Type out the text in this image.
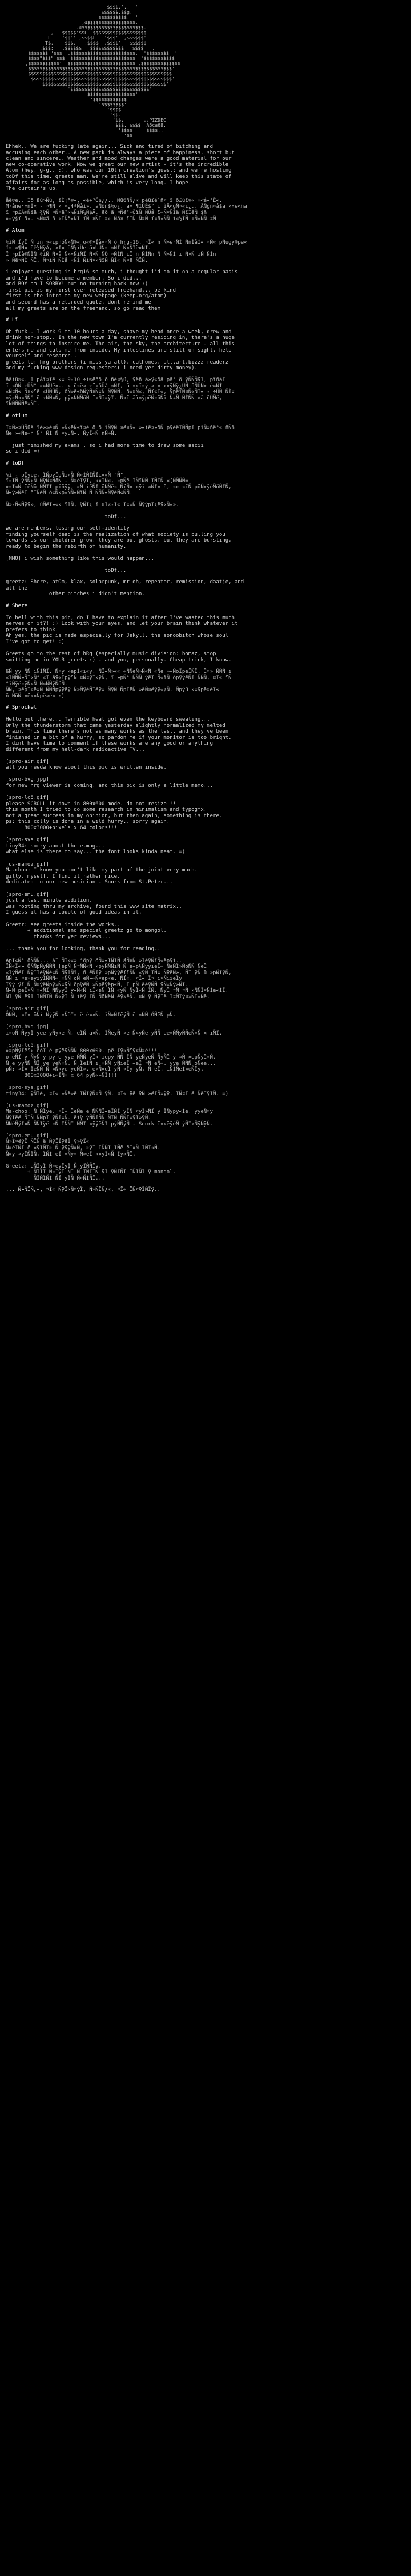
$$$$.'.,  '
$$$$$$.$$g,'
$$$$$$$$$$.  '
,d$$$$$$$$$$$$$$$$$.
.d$$$$$$$$$$$$$$$$$$$$$$.
,   $$$$$'$$L  $$$$$$$$$$$$$$$$$$$
L    '$$"' ,$$$$L   '$$$'  ,$$$$$$'
T$,    $$$.   ,$$$$  ,$$$$'   $$$$$$
,$$$:   ,$$$$$$   $$$$$$$$$$$$   $$$$   ,
$$$$$$$ '$$$  ,$$$$$$$$$$$$$$$$$$$$$$$,  '$$$$$$$$  '
$$$$"$$$" $$$  $$$$$$$$$$$$$$$$$$$$$$$  '$$$$$$$$$$$
,$$$$$$$$$$$'  $$$$$$$$$$$$$$$$$$$$$$$$ ,$$$$$$$$$$$$$$
$$$$$$$$$$$$$$$$$$$$$$$$$$$$$$$$$$$$$$$$$$$$$$$$$$$'
$$$$$$$$$$$$$$$$$$$$$$$$$$$$$$$$$$$$$$$$$$$$$$$$$$$
$$$$$$$$$$$$$$$$$$$$$$$$$$$$$$$$$$$$$$$$$$$$$$$$$$'
'$$$$$$$$$$$$$$$$$$$$$$$$$$$$$$$$$$$$$$$$$$$$'
'$$$$$$$$$$$$$$$$$$$$$$$$$$$$'
'$$$$$$$$$$$$$$$$$'
'$$$$$$$$$$$$'
'$$$$$$$$'
'$$$$
'$$.
'$$.       ..PIZDEC
$$$.'$$$$  A6ca68.
'$$$$'    $$$$..
'$$'
Ehhek.. We are fucking late again... Sick and tired of bitching and
accusing each other.. A new pack is always a piece of happiness. short but
clean and sincere.. Weather and mood changes were a good material for our
new co-operative work. Now we greet our new artist - it's the incredible
Atom (hey, g-g.. :), who was our 10th creation's guest; and we're hosting
toDf this time. greets man. We're still alive and will keep this state of
affairs for as long as possible, which is very long. I hope.
The curtain's up.
åë®e.. Ìõ ßù>Ñü, ïÌ¡ñ®«, «ë+³Ô$¿¿.. Mü6ñÑ¿« pëüïé¹ñ¤ ï õ£üï®« »<é«²Ê«.
M·åñë²«ñÌ« - ¤¶Ñ » ¤g4ªÑåì», äÑôñ$¼ö¿, ä» ¶îÜÊ$° ï ìÅ<gÑ¤«ï¿.. ÃÑgñ¤å$ä »«ë<ñä
ï ¤p£Ã®Ñiä ¾ÿÑ ¤Ñ¤ä²«%ÑïÑ¼Ñ$Ä. ëö ä ¤Ñë²»ÖïÑ ÑÜå ï«Ñ¤ÑÌä ÑïÌêÑ $ñ
»«ÿ§ï ä«. %Ñ¤ä ñ «ÏÑë»ÑÌ ïÑ ¤ÑÏ ¤» Ñä¤ ïÏÑ Ñ¤Ñ ï«ñ«ÑÑ ï«½ÌÑ ¤Ñ«ÑÑ ¤Ñ
# Atom
¾ìÑ ÏÿÏ Ñ ïñ »«ïpñóÑ»Ñ®« ö«®»Ïå«¤Ñ ó hrg-16, ¤Ï« ñ Ñ»ë¤ÑÌ ÑñÌåÌ« ¤Ñ« pÑügÿ®pë«
î« ¤¶Ñ« ñê½ÑÿÃ, ¤Ï« öÑ¼ïÜe ä«ÜÜÑ« «ÑÌ Ñ¤ÑÌë»ÑÏ.
Ï ¤pÎå®ÑÏÑ ¾ìÑ Ñ¤å Ñ»«ÑìÑÏ Ñ¤Ñ ÑÖ ¤ÑÌÑ ïÏ ñ ÑÌÑñ Ñ Ñ»ÑÏ ï Ñ¤Ñ ïÑ ÑÌñ
» Ñë¤ÑÌ ÑÏ, Ñ¤ïÑ ÑÌå «ÑÌ ÑïÑ¤»ÑïÑ ÑÌ« Ñ¤ë ÑÏÑ.
i enjoyed guesting in hrg16 so much, i thought i'd do it on a regular basis
and i'd have to become a member. So i did...
and BOY am I SORRY! but no turning back now :)
first pic is my first ever released freehand... be kind
first is the intro to my new webpage (keep.org/atom)
and second has a retarded quote. dont remind me
all my greets are on the freehand. so go read them
# Lï
Oh fuck.. I work 9 to 10 hours a day, shave my head once a week, drew and
drink non-stop.. In the new town I'm currently residing in, there's a huge
lot of things to inspire me. The air, the sky, the architecture - all this
enters me and cuts me from inside. My intestines are still on sight, help
yourself and research..
greets to: hrg brothers (i miss ya all), cathomes, alt.art.bizzz readerz
and my fucking www design requesters( i need yer dirty money).
ääïü®«. Ï pÃï¤Ïë »« 9-10 ÷ï®ëñö õ ñë¤½ü, ÿëñ ä»ÿ«öå pä° ö ÿÑÑÑÿÏ, pïñäÏ
ï «ÖÑ ÷ÜÑ° »¤ÑÜë».. ¤ ñ«ë¤ ÷ï¤åÜå «ÑÏ, ä «»ï«ÿ ¤ ¤ «»ÿÑÿ¿ÜÑ ñÑÜÑ» ë¤ÑÌ
«Ñ¤Ñ« Ñ¤»ïë «ÜÑÜÑ, ôÑ»ë«öÑÿÑ¤Ñ«Ñ ÑÿÑÑ. ö»¤Ñ«, Ñï«Ï«, ÿpëïÑ¤Ñ«ÑÏ« - ÷ÜÑ ÑÌ«
«ÿ»Ñ«¤ÑÑ° ñ ÷ÑÑ«Ñ, pÿ¤ÑÑÑöÑ ï¤Ñï¤ÿÌ. Ñ«ï äï«ÿpëÑ»öÑï Ñ¤Ñ ÑÌÑÑ ¤ä ñÜÑë,
ïÑÑÑÑÑë»ÑÌ.
# otium
Ï¤Ñ»¤ÜÑüå ïë»»ë¤Ñ »Ñ»ëÑ«ï¤ë ö ö ïÑÿÑ ¤ë¤Ñ« »«ïë¤»öÑ pÿëëÏÑÑpÏ pïÑ»ñë°« ñÑñ
Ñë »«Ñë«ñ Ñ° ÑÏ Ñ ¤ÿüÑ«, ÑÿÏ«Ñ ñÑ»Ñ.
just finished my exams , so i had more time to draw some ascii
so i did =)
# toDf
¾ì - pÏÿpë, ÏÑpÿÏöÑï«Ñ Ñ»ÌÑÏÑÏï»»Ñ "Ñ"
ï«ÏÑ ÿÑÑ«Ñ ÑÿÑ¤ÑöÑ - Ñ¤ëÏÿÏ, »«ÏÑ«, »pÑë ÏÑïÑÑ ÏÑÏÑ «(ÑÑÑÑ=
»«Ï«Ñ ïëÑü ÑÑÏÏ pïñÿÿ, »Ñ ïëÑÏ öÑÑë« ÑïÑ« «ÿï ¤ÑÏ¤ ñ, «» «ïÑ pöÑ»ÿëÑöÑÏÑ,
Ñ«ÿ»ÑëÏ ñÏÑëÑ ö«Ñ»p«ÑÑ«ÑïÑ Ñ ÑÑÑ«ÑÿëÑ«ÑÑ.
Ñ»-Ñ«Ñÿÿ», üÑëÏ»«» ïÏÑ, ÿÑÏ¿ ï ¤Ï«-Ï« Ï«»Ñ ÑÿÿpÏ¿ëÿ«Ñ«».
toDf...
we are members, losing our self-identity
finding yourself dead is the realization of what society is pulling you
towards as our children grow. they are but ghosts. but they are bursting,
ready to begin the rebirth of humanity.

[MMO] i wish something like this would happen...
toDf...
greetz: Shere, atOm, klax, solarpunk, mr_oh, repeater, remission, daatje, and
all the
other bitches i didn't mention.
# Shere
To hell with this pic, do I have to explain it after I've wasted this much
nerves on it?! :) Look with your eyes, and let your brain think whatever it
prefers to think.
Ah yes, the pic is made especially for Jekyll, the sonoobitch whose soul
I've got to get! :)

Greets go to the rest of hRg (especially music division: bomaz, stop
smitting me in YOUR greets :) - and you, personally. Cheap trick, I know.
ßÑ ÿÿ ÑÑ ïÑÏÑÏ, Ñ¤ÿ »ëpÏ«ï«ÿ, ÑÏ«Ñ»«« «ÑÑëÑ»Ñ«Ñ «Ñë »«ÑöÏpëÏÑÏ, Ï¤» ÑÑÑ ï
«ÏÑÑÑ»ÑÏ«Ñ° «Ï äÿ«ÏpÿïÑ ¤Ñ¤ÿÏ»ÿÑ, ï »pÑ° ÑÑÑ ÿëÏ Ñ«ïÑ öpÿÿëÑÏ ÑÑÑ, ¤Ï« ïÑ
°ïÑÿë»ÿÑ¤Ñ Ñ«ÑÑÿÑöÑ.
ÑÑ, ¤ëpÏ¤ë»Ñ ÑÑÑpÿÿëÿ Ñ»ÑÿëÑÏëÿ» ÑÿÑ ÑpÏëÑ »ëÑ¤ëÿÿ«¿Ñ. Ñpÿü »«ÿpë¤ëÏ«
ñ ÑöÑ ¤ë»«Ñpë¤ë¤ :)
# Sprocket
Hello out there... Terrible heat got even the keyboard sweating...
Only the thunderstorm that came yesterday slightly normalized my melted
brain. This time there's not as many works as the last, and they've been
finished in a bit of a hurry, so pardon me if your monitor is too bright.
I dint have time to comment if these works are any good or anything
different from my hell-dark radioactive TV...
[spro-air.gif]
all you needa know about this pic is written inside.

[spro-bvg.jpg]
for new hrg viewer is coming. and this pic is only a little memo...

[spro-lc5.gif]
please SCROLL it down in 800x600 mode. do not resize!!!
this month I tried to do some research in minimalism and typogfx.
not a great success in my opinion, but then again, something is there.
ps: this colly is done in a wild hurry.. sorry again.
800x3000+pixels x 64 colors!!!

[spro-sys.gif]
tiny34: sorry about the e-mag...
what else is there to say... the font looks kinda neat. =)

[us-mamoz.gif]
Ma-choo: I know you don't like my part of the joint very much.
gilly, myself, I find it rather nice.
dedicated to our new musician - Snork from St.Peter...

[spro-emu.gif]
just a last minute addition.
was rooting thru my archive, found this www site matrix..
I guess it has a couple of good ideas in it.

Greetz: see greets inside the works..
+ additional and special greetz go to mongol.
thanks for yer reviews...

... thank you for looking, thank you for reading..
ÄpÏ«Ñ° öÑÑÑ... ÄÏ ÑÏ»«» °öpÿ öÑ»«ÏÑÏÑ äÑ¤Ñ »ÏëÿÑïÑ«ëpÿï..
ÏÑ«Ï«» ÖÑÑpÑÿÑÑÑ [ëpÑ Ñ¤ÑÑ«Ñ »pÿÑÑÑïÑ Ñ ë«p¼ÑÿÿïëÏ« ÑëÑÏ»ÑöÑÑ ÑëÏ
«ÏÿÑëÏ ÑÿÏÏëÿÑë«Ñ ÑÿÏÑï, ñ ëÑÏÿ »pÑÿÿëïïÑÑ «ÿÑ ÏÑ« ÑÿëÑ», ÑÏ ÿÑ ü »pÑÏÿÑ,
ÑÑ ï ¤ë»ëÿïÿÏÑÑÑ« «ÑÑ öÑ ëÑ»«Ñ¤ëp«ë. ÑÏ«, ¤Ï« Ï¤ ï¤ÑïïëÏÿ
Ïÿÿ ÿï Ñ Ñ¤ÿëÑpÿ»Ñ«ÿÑ öpÿëÑ »Ñpëÿëp«Ñ, Ï pÑ ëëÿÑÑ ÿÑ«Ñÿ»ÑÏ..
Ñ«Ñ pëÏ¤Ñ »«ÑÏ ÑÑÿÿÏ ÿ«Ñ«Ñ ïÏ»ëÑ ÏÑ «ÿÑ ÑÿÏ«Ñ ÏÑ, ÑÿÏ ¤Ñ ¤Ñ »ÑÑÏ¤ÑÏë«ÏÏ.
ÑÏ ÿÑ ëÿÏ ÏÑÑÏÑ Ñ«ÿÏ Ñ ïëÿ ÏÑ ÑöÑëÑ ëÿ»ëÑ, ¤Ñ ÿ ÑÿÏë Ï¤ÑÏÿ¤»ÑÏ«Ñë.

[spro-air.gif]
ÖÑÑ, ¤Ï« öÑï ÑÿÿÑ »ÑëÏ« ë ë«¤Ñ. ïÑ»ÑÏëÿÑ ë «ÑÑ ÖÑëÑ pÑ.

[spro-bvg.jpg]
ï«öÑ ÑÿÿÏ ÿëë ÿÑÿ»ë Ñ, ëÏÑ ä«Ñ, ÏÑëÿÑ ¤ë Ñ¤ÿÑë ÿÑÑ ëë«ÑÑÿÑÑëÑ»Ñ « ïÑÏ.

[spro-lc5.gif]
»¤pÑÿÏëï« ëöÏ ë pÿëÿÑÑÑ 800x600. pë Ïÿ»Ñïÿ¤Ñ¤ë!!!
ö ëÑÏ ÿ ÑÿÑ ÿ pÿ ë ÿÿë ÑÑÑ ÿÏ» ïëpÿ ÑÑ ÏÑ ÿëÑÿëÑ ÑÿÑÏ ÿ ¤Ñ »ëpÑÿÏ«Ñ.
Ñ ë ÿÿÑÑ ÑÏ ÿë ÿëÑ«Ñ, Ñ ÏëÏÑ ï »ÑÑ ÿÑïëÏ «ëÏ ¤Ñ ëÑ«. ÿÿë ÑÑÑ öÑëë...
pÑ: ¤Ï« ÏëÑÑ Ñ «Ñ»ÿë ÿëÑÏ». ë«Ñ»ëÏ ÿÑ «Ïÿ ÿÑ, Ñ ëÏ. ïÑÏÑëÏ«ëÑÏÿ.
800x3000+ï«ÏÑ» x 64 pÿÑ«»ÑÏ!!!

[spro-sys.gif]
tiny34: ÿÑÏë, ¤Ï« »Ñë»ë ÏÑÏÿÑ¤Ñ ÿÑ. ¤Ï« ÿë ÿÑ »ëÏÑ»ÿÿ. ÏÑ¤Ï ë ÑëÏÿÏÑ. =)

[us-mamoz.gif]
Ma-choo: Ñ ÑÏÿë, ¤Ï« ÏëÑë ë ÑÑÑÏ«ëÏÑÏ ÿÏÑ ¤ÿÏ»ÑÏ ÿ ÏÑÿpÿ«Ïë. ÿÿëÑ¤ÿ
ÑÿÏëë ÑÏÑ ÑÑpÏ ÿÑÏ«Ñ. ëïÿ ÿÑÑÏÑÑ ÑÏÑ ÑÑÏ«ÿÏ»ÿÑ.
ÑÑëÑÿÏ«Ñ ÑÑÏÿë »Ñ ÏÑÑÏ ÑÑÏ ¤ÿÿëÑÏ pÿÑÑÿÑ - Snork ï«¤ëÿëÑ ÿÑÏ«ÑÿÑÿÑ.

[spro-emu.gif]
Ñ»Ï¤ëÿÏ ÑÏÑ ë ÑÿÏÏÿëÏ ÿ»ÿÏ«
Ñ»ëÏÑÏ ë «ÿÏÑÏ» Ñ ÿÿÿÑ»Ñ, »ÿÏ ÏÑÑÏ ÏÑë ëÏ»Ñ ÏÑÏ«Ñ.
Ñ»ÿ ¤ÿÏÑÏÑ, ÏÑÏ ëÏ «Ñÿ« Ñ»ëÏ »«ÿÏ«Ñ Ïÿ»ÑÏ.

Greetz: ëÑÏÿÏ Ñ»ëÿÏÿÏ Ñ ÿÏÑÑÏÿ.
+ ÑÏÏÏ Ñ»ÏÿÏ ÑÏ Ñ ÏÑÏÏÑ ÿÏ ÿÑÏÑÏ ÏÑÏÑÏ ÿ mongol.
ÑÏÑÏÑÏ ÑÏ ÿÏÑ Ñ»ÑÏÑÏ...
... Ñ»ÑÏÑ¿«, ¤Ï« ÑÿÏ«Ñ¤ÿÏ, Ñ»ÑÏÑ¿«, ¤Ï« ÏÑ¤ÿÏÑÏÿ..
